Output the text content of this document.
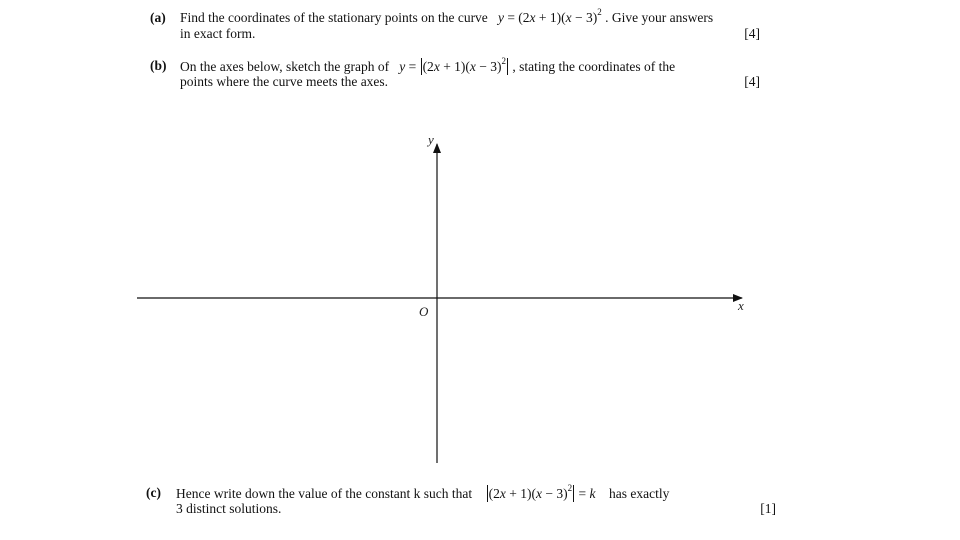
(a) Find the coordinates of the stationary points on the curve $y = (2x + 1)(x - 3)^2$ . Give your answers
in exact form.	[4]
(b) On the axes below, sketch the graph of $y = (2x + 1)(x - 3)^2$ , stating the coordinates of the
points where the curve meets the axes.	[4]
y
x
O
(c) Hence write down the value of the constant k such that $(2x + 1)(x - 3)^2 = k$ has exactly
3 distinct solutions.	[1]
